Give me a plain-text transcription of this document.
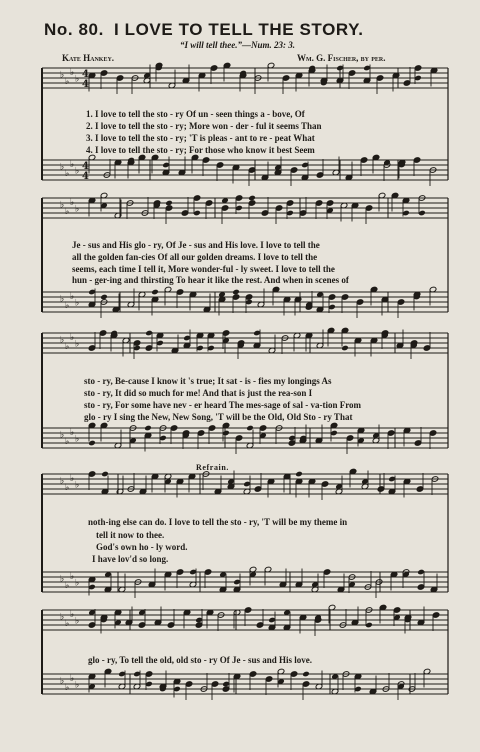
No. 80. I LOVE TO TELL THE STORY.
“I will tell thee.”—Num. 23: 3.
Kate Hankey.	Wm. G. Fischer, by per.
Refrain.
♭
♭
♭
♭
♭
♭
♭
♭
♭
♭
♭
♭
♭
♭
♭
♭
♭
♭
♭
♭
♭
♭
♭
♭
♭
♭
♭
♭
♭
♭
♭
♭
♭
♭
♭
♭
♭
♭
♭
♭
4
4
4
4
1. I love to tell the sto - ry Of un - seen things a - bove, Of
2. I love to tell the sto - ry; More won - der - ful it seems Than
3. I love to tell the sto - ry; 'T is pleas - ant to re - peat What
4. I love to tell the sto - ry; For those who know it best Seem
Je - sus and His glo - ry, Of Je - sus and His love. I love to tell the
all the golden fan-cies Of all our golden dreams. I love to tell the
seems, each time I tell it, More wonder-ful - ly sweet. I love to tell the
hun - ger-ing and thirsting To hear it like the rest. And when in scenes of
sto - ry, Be-cause I know it 's true; It sat - is - fies my longings As
sto - ry, It did so much for me! And that is just the rea-son I
sto - ry, For some have nev - er heard The mes-sage of sal - va-tion From
glo - ry I sing the New, New Song, 'T will be the Old, Old Sto - ry That
noth-ing else can do. I love to tell the sto - ry, 'T will be my theme in
tell it now to thee.
God's own ho - ly word.
I have lov'd so long.
glo - ry, To tell the old, old sto - ry Of Je - sus and His love.
